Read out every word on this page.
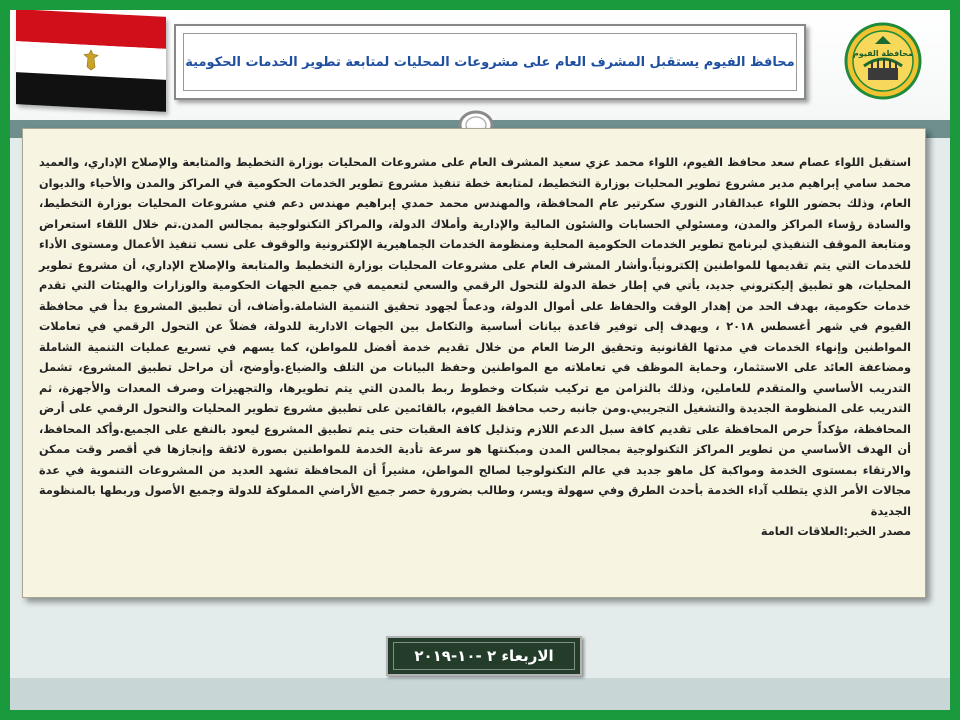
محافظ الفيوم يستقبل المشرف العام على مشروعات المحليات لمتابعة تطوير الخدمات الحكومية
محافظة الفيوم

استقبل اللواء عصام سعد محافظ الفيوم، اللواء محمد عزي سعيد المشرف العام على مشروعات المحليات بوزارة التخطيط والمتابعة والإصلاح الإداري، والعميد محمد سامي إبراهيم مدير مشروع تطوير المحليات بوزارة التخطيط، لمتابعة خطة تنفيذ مشروع تطوير الخدمات الحكومية في المراكز والمدن والأحياء والديوان العام، وذلك بحضور اللواء عبدالقادر النوري سكرتير عام المحافظة، والمهندس محمد حمدي إبراهيم مهندس دعم فني مشروعات المحليات بوزارة التخطيط، والسادة رؤساء المراكز والمدن، ومسئولي الحسابات والشئون المالية والإدارية وأملاك الدولة، والمراكز التكنولوجية بمجالس المدن.تم خلال اللقاء استعراض ومتابعة الموقف التنفيذي لبرنامج تطوير الخدمات الحكومية المحلية ومنظومة الخدمات الجماهيرية الإلكترونية والوقوف على نسب تنفيذ الأعمال ومستوى الأداء للخدمات التي يتم تقديمها للمواطنين إلكترونياً.وأشار المشرف العام على مشروعات المحليات بوزارة التخطيط والمتابعة والإصلاح الإداري، أن مشروع تطوير المحليات، هو تطبيق إليكتروني جديد، يأتي في إطار خطة الدولة للتحول الرقمي والسعي لتعميمه في جميع الجهات الحكومية والوزارات والهيئات التي تقدم خدمات حكومية، بهدف الحد من إهدار الوقت والحفاظ على أموال الدولة، ودعماً لجهود تحقيق التنمية الشاملة.وأضاف، أن تطبيق المشروع بدأ في محافظة الفيوم في شهر أغسطس ٢٠١٨ ، ويهدف إلى توفير قاعدة بيانات أساسية والتكامل بين الجهات الادارية للدولة، فضلاً عن التحول الرقمي في تعاملات المواطنين وإنهاء الخدمات في مدتها القانونية وتحقيق الرضا العام من خلال تقديم خدمة أفضل للمواطن، كما يسهم في تسريع عمليات التنمية الشاملة ومضاعفة العائد على الاستثمار، وحماية الموظف في تعاملاته مع المواطنين وحفظ البيانات من التلف والضياع.وأوضح، أن مراحل تطبيق المشروع، تشمل التدريب الأساسي والمتقدم للعاملين، وذلك بالتزامن مع تركيب شبكات وخطوط ربط بالمدن التي يتم تطويرها، والتجهيزات وصرف المعدات والأجهزة، ثم التدريب على المنظومة الجديدة والتشغيل التجريبي.ومن جانبه رحب محافظ الفيوم، بالقائمين على تطبيق مشروع تطوير المحليات والتحول الرقمي على أرض المحافظة، مؤكداً حرص المحافظة على تقديم كافة سبل الدعم اللازم وتذليل كافة العقبات حتى يتم تطبيق المشروع ليعود بالنفع على الجميع.وأكد المحافظ، أن الهدف الأساسي من تطوير المراكز التكنولوجية بمجالس المدن ومبكنتها هو سرعة تأدية الخدمة للمواطنين بصورة لائقة وإنجازها في أقصر وقت ممكن والارتقاء بمستوى الخدمة ومواكبة كل ماهو جديد في عالم التكنولوجيا لصالح المواطن، مشيراً أن المحافظة تشهد العديد من المشروعات التنموية في عدة مجالات الأمر الذي يتطلب آداء الخدمة بأحدث الطرق وفي سهولة ويسر، وطالب بضرورة حصر جميع الأراضي المملوكة للدولة وجميع الأصول وربطها بالمنظومة الجديدة
مصدر الخبر:العلاقات العامة

الاربعاء ٢ -١٠-٢٠١٩
